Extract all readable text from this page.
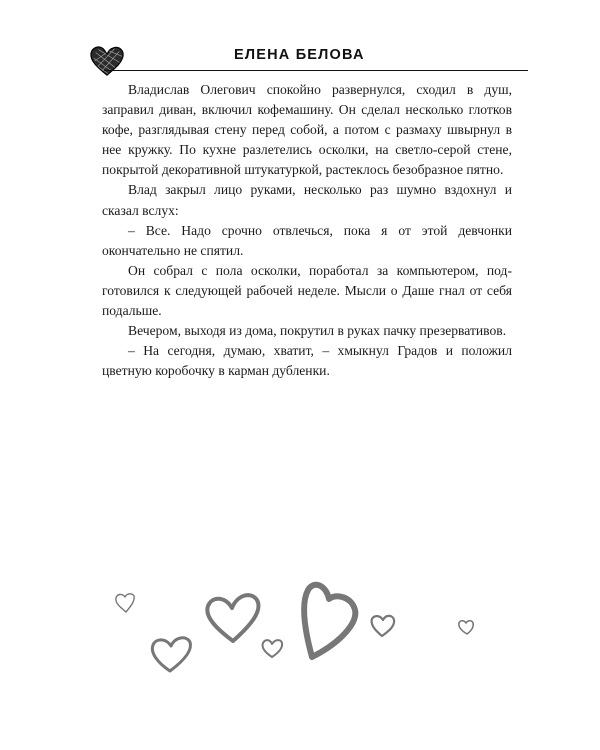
ЕЛЕНА БЕЛОВА

Владислав Олегович спокойно развернулся, сходил в душ, заправил диван, включил кофемашину. Он сделал несколько глотков кофе, разглядывая стену перед собой, а потом с размаху швырнул в нее кружку. По кухне разлетелись осколки, на светло-серой стене, покрытой декоративной штукатуркой, растеклось безобразное пятно.

Влад закрыл лицо руками, несколько раз шумно вздохнул и сказал вслух:

– Все. Надо срочно отвлечься, пока я от этой девчонки окончательно не спятил.

Он собрал с пола осколки, поработал за компьютером, подготовился к следующей рабочей неделе. Мысли о Даше гнал от себя подальше.

Вечером, выходя из дома, покрутил в руках пачку презервативов.

– На сегодня, думаю, хватит, – хмыкнул Градов и положил цветную коробочку в карман дубленки.
